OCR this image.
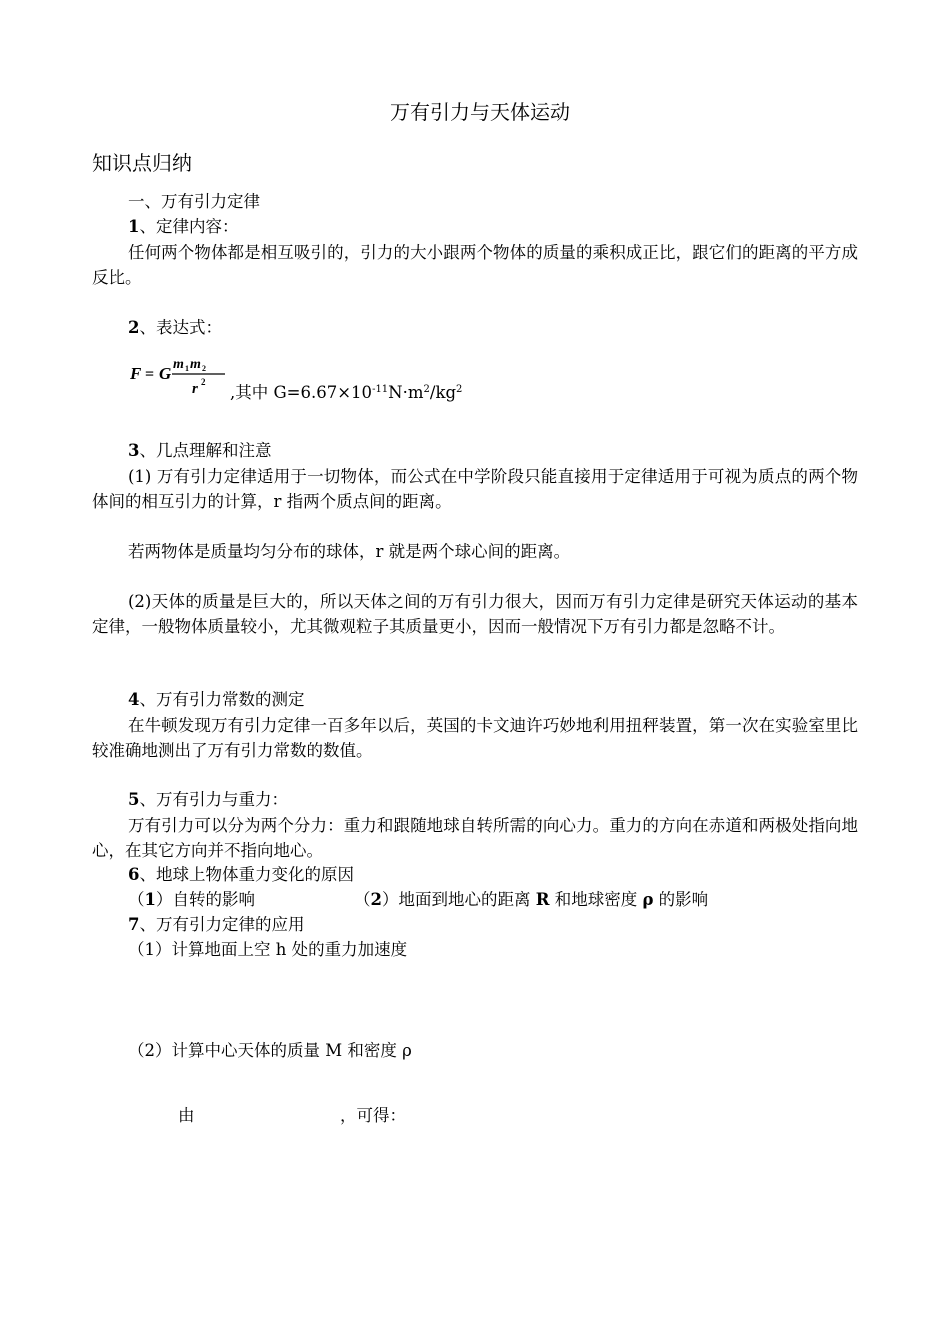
万有引力与天体运动
知识点归纳
一、万有引力定律
1、定律内容：
任何两个物体都是相互吸引的，引力的大小跟两个物体的质量的乘积成正比，跟它们的距离的平方成反比。
2、表达式：
F = G m 1 m 2
r 2
,其中 $G=6.67\times 10^{-11}N\cdot m^2/kg^2$
3、几点理解和注意
(1) 万有引力定律适用于一切物体，而公式在中学阶段只能直接用于定律适用于可视为质点的两个物体间的相互引力的计算，r 指两个质点间的距离。
若两物体是质量均匀分布的球体，r 就是两个球心间的距离。
(2)天体的质量是巨大的，所以天体之间的万有引力很大，因而万有引力定律是研究天体运动的基本定律，一般物体质量较小，尤其微观粒子其质量更小，因而一般情况下万有引力都是忽略不计。
4、万有引力常数的测定
在牛顿发现万有引力定律一百多年以后，英国的卡文迪许巧妙地利用扭秤装置，第一次在实验室里比较准确地测出了万有引力常数的数值。
5、万有引力与重力：
万有引力可以分为两个分力：重力和跟随地球自转所需的向心力。重力的方向在赤道和两极处指向地心，在其它方向并不指向地心。
6、地球上物体重力变化的原因
（1）自转的影响	（2）地面到地心的距离 R 和地球密度 ρ 的影响
7、万有引力定律的应用
（1）计算地面上空 h 处的重力加速度
（2）计算中心天体的质量 M 和密度 ρ
由	，可得：
